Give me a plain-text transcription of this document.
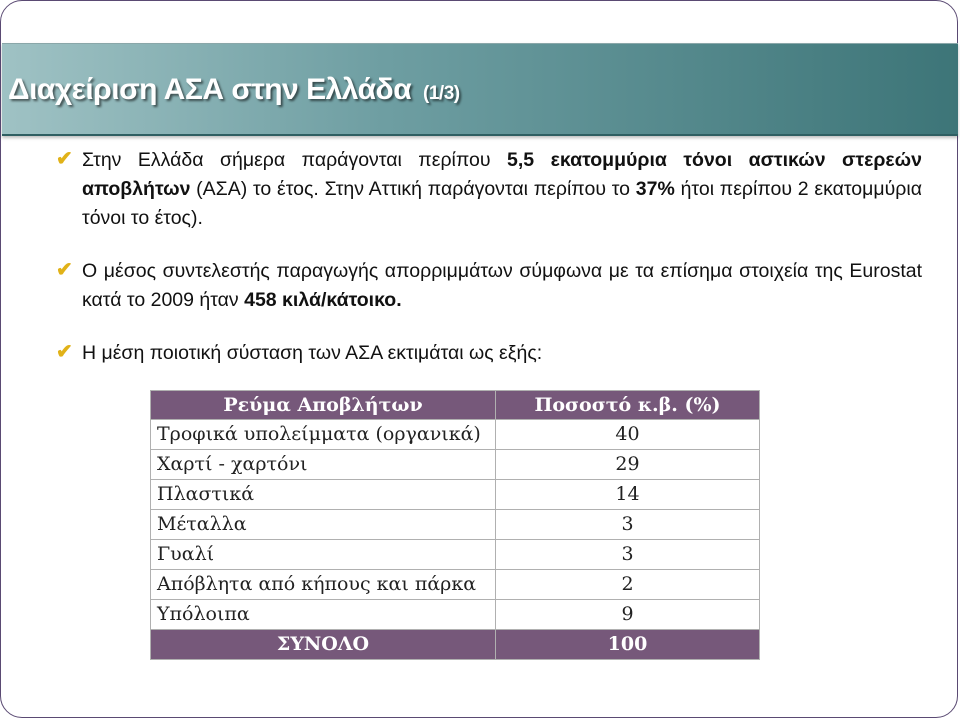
Διαχείριση ΑΣΑ στην Ελλάδα (1/3)
✔ Στην Ελλάδα σήμερα παράγονται περίπου 5,5 εκατομμύρια τόνοι αστικών στερεών αποβλήτων (ΑΣΑ) το έτος. Στην Αττική παράγονται περίπου το 37% ήτοι περίπου 2 εκατομμύρια τόνοι το έτος).
✔ Ο μέσος συντελεστής παραγωγής απορριμμάτων σύμφωνα με τα επίσημα στοιχεία της Eurostat κατά το 2009 ήταν 458 κιλά/κάτοικο.
✔ Η μέση ποιοτική σύσταση των ΑΣΑ εκτιμάται ως εξής:
Ρεύμα Αποβλήτων	Ποσοστό κ.β. (%)
Τροφικά υπολείμματα (οργανικά)	40
Χαρτί - χαρτόνι	29
Πλαστικά	14
Μέταλλα	3
Γυαλί	3
Απόβλητα από κήπους και πάρκα	2
Υπόλοιπα	9
ΣΥΝΟΛΟ	100
